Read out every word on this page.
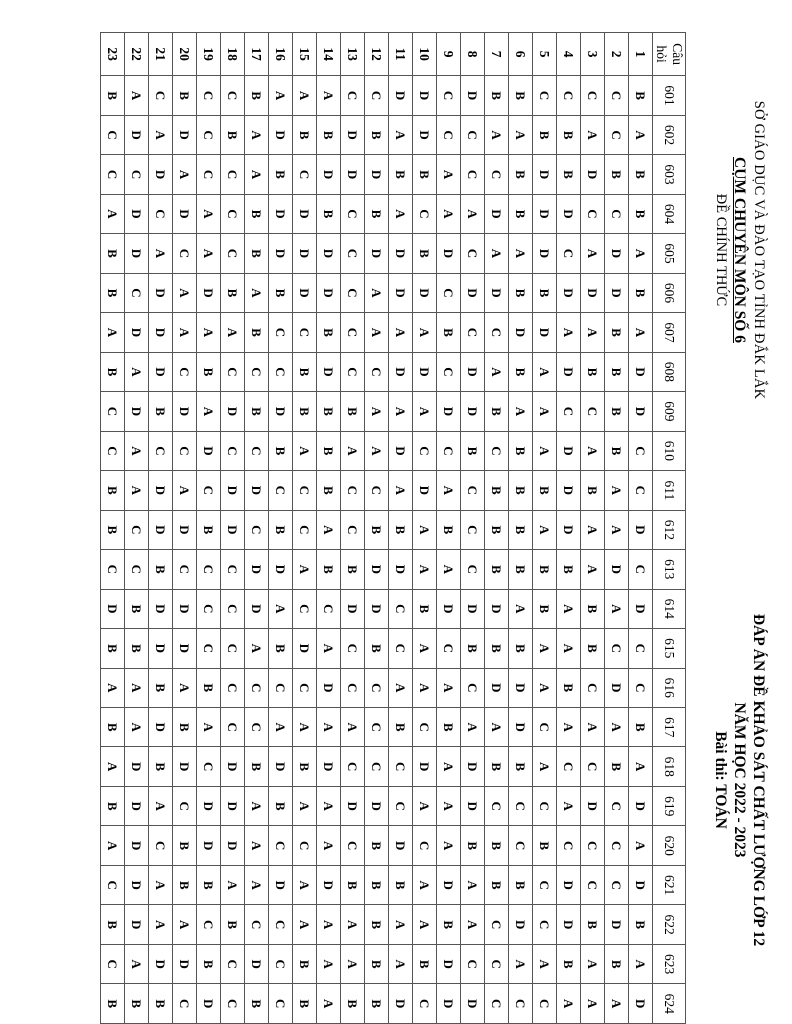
SỞ GIÁO DỤC VÀ ĐÀO TẠO TỈNH ĐẮK LẮK
CỤM CHUYÊN MÔN SỐ 6
ĐỀ CHÍNH THỨC
ĐÁP ÁN ĐỀ KHẢO SÁT CHẤT LƯỢNG LỚP 12
NĂM HỌC 2022 - 2023
Bài thi: TOÁN
Câu hỏi	601	602	603	604	605	606	607	608	609	610	611	612	613	614	615	616	617	618	619	620	621	622	623	624
1	B	A	B	B	A	B	A	D	D	C	C	D	C	D	C	C	B	A	D	A	D	B	A	D
2	C	C	B	C	D	D	B	B	B	B	A	A	D	A	C	D	A	B	C	C	C	D	B	A
3	C	A	D	C	A	D	A	B	C	A	B	A	A	B	B	C	A	C	D	C	C	B	A	A
4	C	B	B	D	C	D	A	D	C	D	D	D	B	A	A	B	A	C	A	C	D	D	B	A
5	C	B	D	D	D	B	D	A	A	A	B	A	B	B	A	A	C	A	C	B	C	C	A	C
6	B	A	B	B	A	B	D	B	A	B	B	B	B	A	B	D	D	B	C	C	B	D	A	C
7	B	A	C	D	A	D	C	A	B	C	B	B	B	D	B	D	A	B	C	B	B	C	C	C
8	D	C	C	A	C	D	C	D	D	B	C	C	C	D	B	C	A	D	D	B	A	A	C	D
9	C	C	A	A	D	C	B	C	D	C	A	B	A	D	C	A	B	A	A	A	D	B	D	D
10	D	D	B	C	B	D	A	D	A	C	D	A	A	B	A	A	C	D	A	C	A	A	B	C
11	D	A	B	A	D	D	A	D	A	D	A	B	D	C	C	A	B	C	C	D	B	A	A	D
12	C	B	D	B	D	A	A	C	A	A	C	B	D	D	B	C	C	C	D	B	B	B	B	B
13	C	D	D	C	C	C	C	C	B	A	C	C	B	D	C	C	A	C	D	C	B	A	A	B
14	A	B	D	B	D	D	B	D	B	B	B	A	B	C	A	D	A	D	A	A	D	A	A	A
15	A	B	C	D	D	D	C	B	B	A	C	C	A	C	D	C	A	B	A	C	A	A	B	B
16	A	D	B	D	D	B	C	C	D	B	C	B	D	A	B	C	A	D	B	C	D	C	C	C
17	B	A	A	B	B	A	B	C	B	C	D	C	D	D	A	C	C	B	A	A	A	C	D	B
18	C	B	C	C	C	B	A	C	D	C	D	D	C	C	C	C	C	D	D	D	A	B	C	C
19	C	C	C	A	A	D	A	B	A	D	C	B	C	C	C	B	A	C	D	D	B	C	B	D
20	B	D	A	D	C	A	A	C	D	C	A	D	C	D	D	A	B	D	C	B	B	A	D	C
21	C	A	D	C	A	D	D	D	B	C	D	D	B	D	D	B	D	B	A	C	A	A	D	B
22	A	D	C	D	D	C	D	A	D	A	A	C	C	B	B	A	A	D	D	D	D	D	A	B
23	B	C	C	A	B	B	A	B	C	C	B	B	C	D	B	A	B	A	B	A	C	B	C	B
